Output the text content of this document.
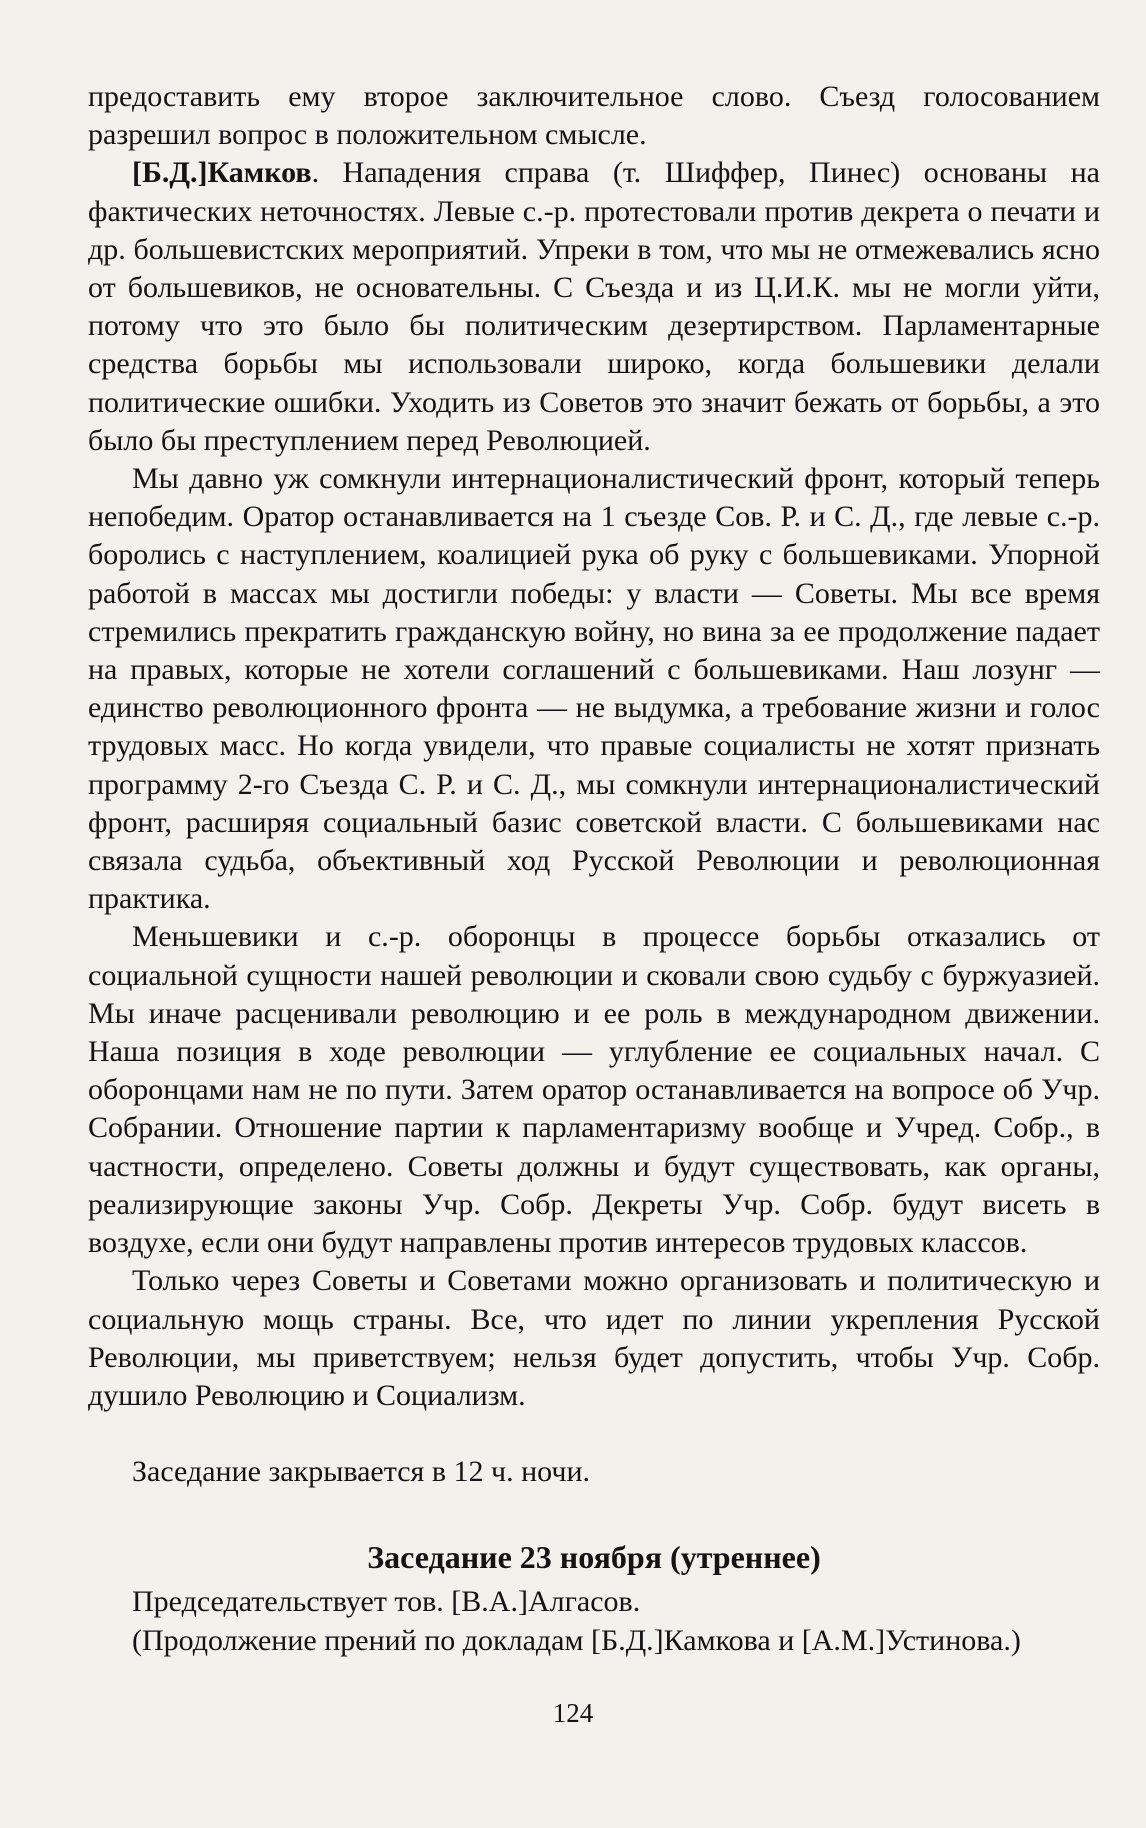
предоставить ему второе заключительное слово. Съезд голосованием разрешил вопрос в положительном смысле.

[Б.Д.]Камков. Нападения справа (т. Шиффер, Пинес) основаны на фактических неточностях. Левые с.-р. протестовали против декрета о печати и др. большевистских мероприятий. Упреки в том, что мы не отмежевались ясно от большевиков, не основательны. С Съезда и из Ц.И.К. мы не могли уйти, потому что это было бы политическим дезертирством. Парламентарные средства борьбы мы использовали широко, когда большевики делали политические ошибки. Уходить из Советов это значит бежать от борьбы, а это было бы преступлением перед Революцией.

Мы давно уж сомкнули интернационалистический фронт, который теперь непобедим. Оратор останавливается на 1 съезде Сов. Р. и С. Д., где левые с.-р. боролись с наступлением, коалицией рука об руку с большевиками. Упорной работой в массах мы достигли победы: у власти — Советы. Мы все время стремились прекратить гражданскую войну, но вина за ее продолжение падает на правых, которые не хотели соглашений с большевиками. Наш лозунг — единство революционного фронта — не выдумка, а требование жизни и голос трудовых масс. Но когда увидели, что правые социалисты не хотят признать программу 2-го Съезда С. Р. и С. Д., мы сомкнули интернационалистический фронт, расширяя социальный базис советской власти. С большевиками нас связала судьба, объективный ход Русской Революции и революционная практика.

Меньшевики и с.-р. оборонцы в процессе борьбы отказались от социальной сущности нашей революции и сковали свою судьбу с буржуазией. Мы иначе расценивали революцию и ее роль в международном движении. Наша позиция в ходе революции — углубление ее социальных начал. С оборонцами нам не по пути. Затем оратор останавливается на вопросе об Учр. Собрании. Отношение партии к парламентаризму вообще и Учред. Собр., в частности, определено. Советы должны и будут существовать, как органы, реализирующие законы Учр. Собр. Декреты Учр. Собр. будут висеть в воздухе, если они будут направлены против интересов трудовых классов.

Только через Советы и Советами можно организовать и политическую и социальную мощь страны. Все, что идет по линии укрепления Русской Революции, мы приветствуем; нельзя будет допустить, чтобы Учр. Собр. душило Революцию и Социализм.

Заседание закрывается в 12 ч. ночи.

Заседание 23 ноября (утреннее)

Председательствует тов. [В.А.]Алгасов.

(Продолжение прений по докладам [Б.Д.]Камкова и [А.М.]Устинова.)

124
